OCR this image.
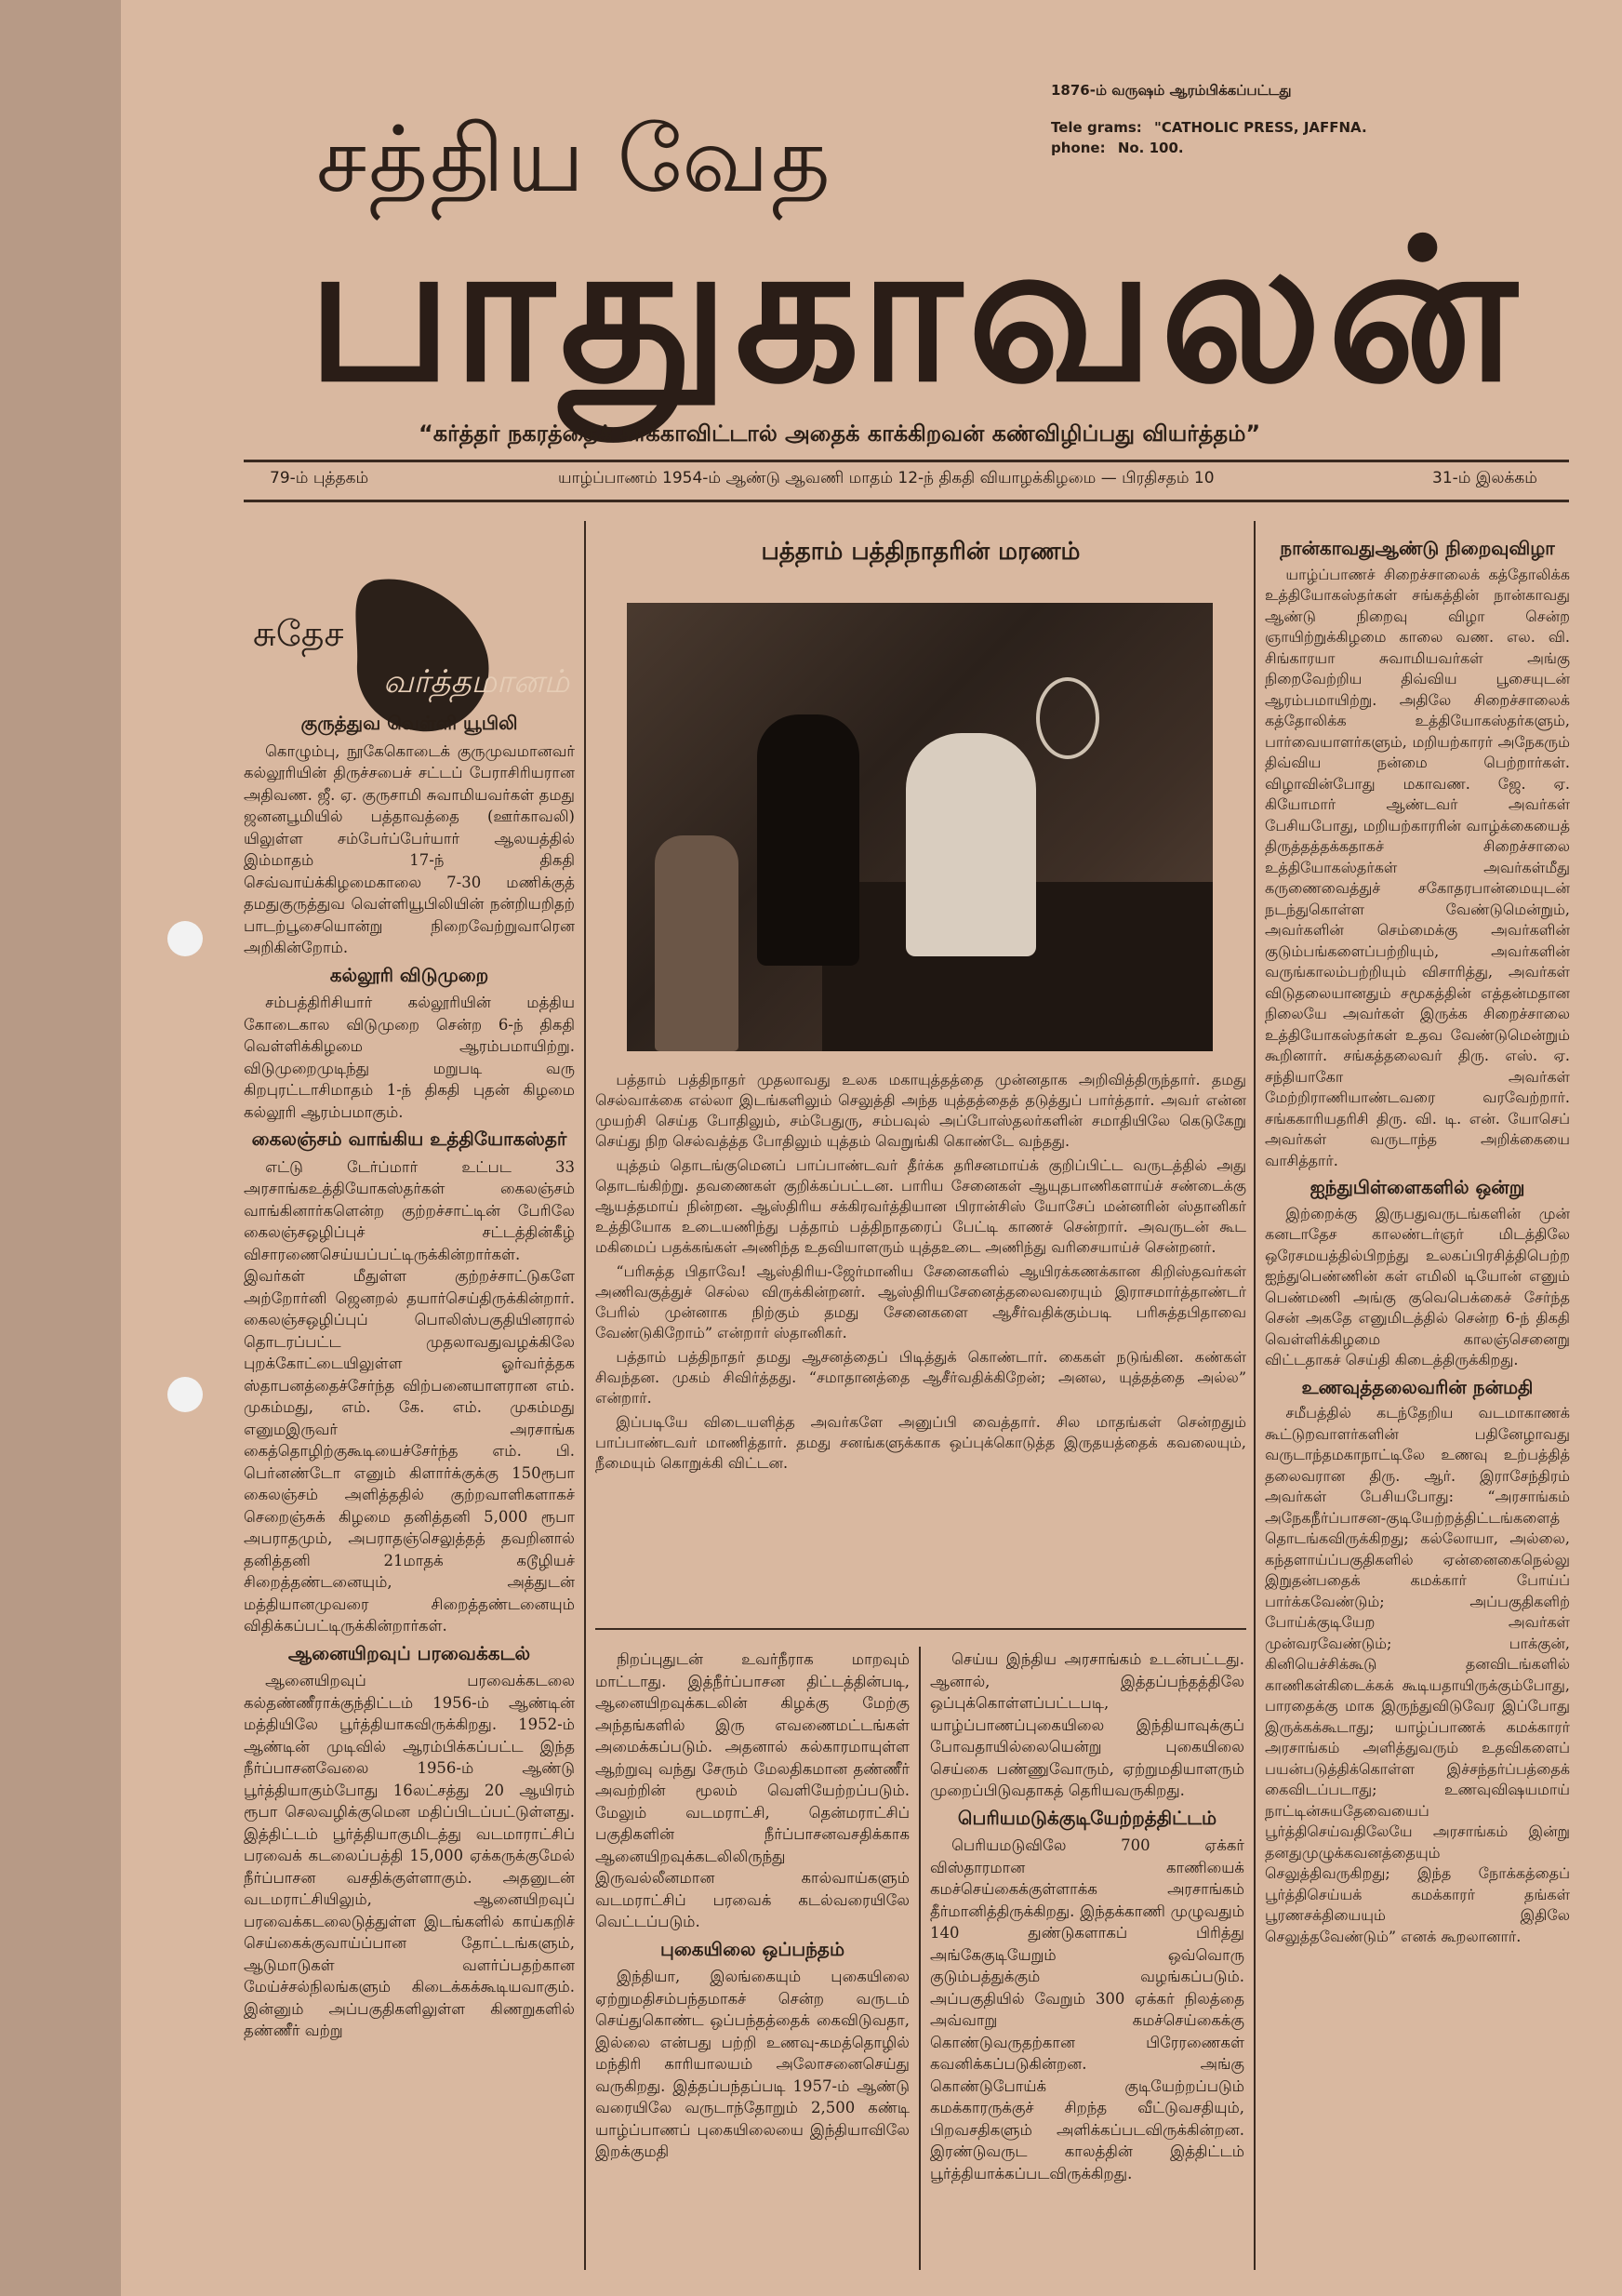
1876-ம் வருஷம் ஆரம்பிக்கப்பட்டது
Tele grams: "CATHOLIC PRESS, JAFFNA.
phone: No. 100.
சத்திய வேத
பாதுகாவலன்
“கர்த்தர் நகரத்தைக் காக்காவிட்டால் அதைக் காக்கிறவன் கண்விழிப்பது வியர்த்தம்”
79-ம் புத்தகம்	யாழ்ப்பாணம் 1954-ம் ஆண்டு ஆவணி மாதம் 12-ந் திகதி வியாழக்கிழமை — பிரதிசதம் 10	31-ம் இலக்கம்
சுதேச
வர்த்தமானம்
குருத்துவ வெள்ளி யூபிலி

கொழும்பு, நூகேகொடைக் குருமுவமானவர் கல்லூரியின் திருச்சபைச் சட்டப் பேராசிரியரான அதிவண. ஜீ. ஏ. குருசாமி சுவாமியவர்கள் தமது ஜனனபூமியில் பத்தாவத்தை (ஊர்காவலி) யிலுள்ள சம்பேர்ப்பேர்யார் ஆலயத்தில் இம்மாதம் 17-ந் திகதி செவ்வாய்க்கிழமைகாலை 7-30 மணிக்குத் தமதுகுருத்துவ வெள்ளியூபிலியின் நன்றியறிதற் பாடற்பூசையொன்று நிறைவேற்றுவாரென அறிகின்றோம்.

கல்லூரி விடுமுறை

சம்பத்திரிசியார் கல்லூரியின் மத்திய கோடைகால விடுமுறை சென்ற 6-ந் திகதி வெள்ளிக்கிழமை ஆரம்பமாயிற்று. விடுமுறைமுடிந்து மறுபடி வரு கிறபுரட்டாசிமாதம் 1-ந் திகதி புதன் கிழமை கல்லூரி ஆரம்பமாகும்.

கைலஞ்சம் வாங்கிய உத்தியோகஸ்தர்

எட்டு டேர்ப்மார் உட்பட 33 அரசாங்கஉத்தியோகஸ்தர்கள் கைலஞ்சம் வாங்கினார்களென்ற குற்றச்சாட்டின் பேரிலே கைலஞ்சஒழிப்புச் சட்டத்தின்கீழ் விசாரணைசெய்யப்பட்டிருக்கின்றார்கள். இவர்கள் மீதுள்ள குற்றச்சாட்டுகளே அற்றோர்னி ஜெனறல் தயார்செய்திருக்கின்றார். கைலஞ்சஒழிப்புப் பொலிஸ்பகுதியினரால் தொடரப்பட்ட முதலாவதுவழக்கிலே புறக்கோட்டையிலுள்ள ஓர்வர்த்தக ஸ்தாபனத்தைச்சேர்ந்த விற்பனையாளரான எம். முகம்மது, எம். கே. எம். முகம்மது எனுமஇருவர் அரசாங்க கைத்தொழிற்குகூடியைச்சேர்ந்த எம். பி. பெர்னண்டோ எனும் கிளார்க்குக்கு 150ரூபா கைலஞ்சம் அளித்ததில் குற்றவாளிகளாகச் செறைஞ்சுக் கிழமை தனித்தனி 5,000 ரூபா அபராதமும், அபராதஞ்செலுத்தத் தவறினால் தனித்தனி 21மாதக் கடூழியச் சிறைத்தண்டனையும், அத்துடன் மத்தியானமுவரை சிறைத்தண்டனையும் விதிக்கப்பட்டிருக்கின்றார்கள்.

ஆனையிறவுப் பரவைக்கடல்

ஆனையிறவுப் பரவைக்கடலை கல்தண்ணீராக்குந்திட்டம் 1956-ம் ஆண்டின் மத்தியிலே பூர்த்தியாகவிருக்கிறது. 1952-ம் ஆண்டின் முடிவில் ஆரம்பிக்கப்பட்ட இந்த நீர்ப்பாசனவேலை 1956-ம் ஆண்டு பூர்த்தியாகும்போது 16லட்சத்து 20 ஆயிரம் ரூபா செலவழிக்குமென மதிப்பிடப்பட்டுள்ளது. இத்திட்டம் பூர்த்தியாகுமிடத்து வடமாராட்சிப் பரவைக் கடலைப்பத்தி 15,000 ஏக்கருக்குமேல் நீர்ப்பாசன வசதிக்குள்ளாகும். அதனுடன் வடமராட்சியிலும், ஆனையிறவுப் பரவைக்கடலைடுத்துள்ள இடங்களில் காய்கறிச் செய்கைக்குவாய்ப்பான தோட்டங்களும், ஆடுமாடுகள் வளர்ப்பதற்கான மேய்ச்சல்நிலங்களும் கிடைக்கக்கூடியவாகும். இன்னும் அப்பகுதிகளிலுள்ள கிணறுகளில் தண்ணீர் வற்று

பத்தாம் பத்திநாதரின் மரணம்

பத்தாம் பத்திநாதர் முதலாவது உலக மகாயுத்தத்தை முன்னதாக அறிவித்திருந்தார். தமது செல்வாக்கை எல்லா இடங்களிலும் செலுத்தி அந்த யுத்தத்தைத் தடுத்துப் பார்த்தார். அவர் என்ன முயற்சி செய்த போதிலும், சம்பேதுரு, சம்பவுல் அப்போஸ்தலர்களின் சமாதியிலே கெடுகேறு செய்து நிற செல்வத்த்த போதிலும் யுத்தம் வெறுங்கி கொண்டே வந்தது.

யுத்தம் தொடங்குமெனப் பாப்பாண்டவர் தீர்க்க தரிசனமாய்க் குறிப்பிட்ட வருடத்தில் அது தொடங்கிற்று. தவணைகள் குறிக்கப்பட்டன. பாரிய சேனைகள் ஆயுதபாணிகளாய்ச் சண்டைக்கு ஆயத்தமாய் நின்றன. ஆஸ்திரிய சக்கிரவர்த்தியான பிரான்சிஸ் யோசேப் மன்னரின் ஸ்தானிகர் உத்தியோக உடையணிந்து பத்தாம் பத்திநாதரைப் பேட்டி காணச் சென்றார். அவருடன் கூட மகிமைப் பதக்கங்கள் அணிந்த உதவியாளரும் யுத்தஉடை அணிந்து வரிசையாய்ச் சென்றனர்.

“பரிசுத்த பிதாவே! ஆஸ்திரிய-ஜேர்மானிய சேனைகளில் ஆயிரக்கணக்கான கிறிஸ்தவர்கள் அணிவகுத்துச் செல்ல விருக்கின்றனர். ஆஸ்திரியசேனைத்தலைவரையும் இராசமார்த்தாண்டர் பேரில் முன்னாக நிற்கும் தமது சேனைகளை ஆசீர்வதிக்கும்படி பரிசுத்தபிதாவை வேண்டுகிறோம்” என்றார் ஸ்தானிகர்.

பத்தாம் பத்திநாதர் தமது ஆசனத்தைப் பிடித்துக் கொண்டார். கைகள் நடுங்கின. கண்கள் சிவந்தன. முகம் சிவிர்த்தது. “சமாதானத்தை ஆசீர்வதிக்கிறேன்; அனல, யுத்தத்தை அல்ல” என்றார்.

இப்படியே விடையளித்த அவர்களே அனுப்பி வைத்தார். சில மாதங்கள் சென்றதும் பாப்பாண்டவர் மாணித்தார். தமது சனங்களுக்காக ஒப்புக்கொடுத்த இருதயத்தைக் கவலையும், நீமையும் கொறுக்கி விட்டன.

நிறப்புதுடன் உவர்நீராக மாறவும் மாட்டாது. இத்நீர்ப்பாசன திட்டத்தின்படி, ஆனையிறவுக்கடலின் கிழக்கு மேற்கு அந்தங்களில் இரு எவணைமட்டங்கள் அமைக்கப்படும். அதனால் கல்காரமாயுள்ள ஆற்றுவு வந்து சேரும் மேலதிகமான தண்ணீர் அவற்றின் மூலம் வெளியேற்றப்படும். மேலும் வடமராட்சி, தென்மராட்சிப் பகுதிகளின் நீர்ப்பாசனவசதிக்காக ஆனையிறவுக்கடலிலிருந்து இருவல்லீனமான கால்வாய்களும் வடமராட்சிப் பரவைக் கடல்வரையிலே வெட்டப்படும்.

புகையிலை ஒப்பந்தம்

இந்தியா, இலங்கையும் புகையிலை ஏற்றுமதிசம்பந்தமாகச் சென்ற வருடம் செய்துகொண்ட ஒப்பந்தத்தைக் கைவிடுவதா, இல்லை என்பது பற்றி உணவு-கமத்தொழில் மந்திரி காரியாலயம் அலோசனைசெய்து வருகிறது. இத்தப்பந்தப்படி 1957-ம் ஆண்டு வரையிலே வருடாந்தோறும் 2,500 கண்டி யாழ்ப்பாணப் புகையிலையை இந்தியாவிலே இறக்குமதி

செய்ய இந்திய அரசாங்கம் உடன்பட்டது. ஆனால், இத்தப்பந்தத்திலே ஒப்புக்கொள்ளப்பட்டபடி, யாழ்ப்பாணப்புகையிலை இந்தியாவுக்குப் போவதாயில்லையென்று புகையிலை செய்கை பண்ணுவோரும், ஏற்றுமதியாளரும் முறைப்பிடுவதாகத் தெரியவருகிறது.

பெரியமடுக்குடியேற்றத்திட்டம்

பெரியமடுவிலே 700 ஏக்கர் விஸ்தாரமான காணியைக் கமச்செய்கைக்குள்ளாக்க அரசாங்கம் தீர்மானித்திருக்கிறது. இந்தக்காணி முழுவதும் 140 துண்டுகளாகப் பிரித்து அங்கேகுடியேறும் ஒவ்வொரு குடும்பத்துக்கும் வழங்கப்படும். அப்பகுதியில் வேறும் 300 ஏக்கர் நிலத்தை அவ்வாறு கமச்செய்கைக்கு கொண்டுவருதற்கான பிரேரணைகள் கவனிக்கப்படுகின்றன. அங்கு கொண்டுபோய்க் குடியேற்றப்படும் கமக்காரருக்குச் சிறந்த வீட்டுவசதியும், பிறவசதிகளும் அளிக்கப்படவிருக்கின்றன. இரண்டுவருட காலத்தின் இத்திட்டம் பூர்த்தியாக்கப்படவிருக்கிறது.

நான்காவதுஆண்டு நிறைவுவிழா

யாழ்ப்பாணச் சிறைச்சாலைக் கத்தோலிக்க உத்தியோகஸ்தர்கள் சங்கத்தின் நான்காவது ஆண்டு நிறைவு விழா சென்ற ஞாயிற்றுக்கிழமை காலை வண. எல. வி. சிங்காரயா சுவாமியவர்கள் அங்கு நிறைவேற்றிய திவ்விய பூசையுடன் ஆரம்பமாயிற்று. அதிலே சிறைச்சாலைக் கத்தோலிக்க உத்தியோகஸ்தர்களும், பார்வையாளர்களும், மறியற்காரர் அநேகரும் திவ்விய நன்மை பெற்றார்கள். விழாவின்போது மகாவண. ஜே. ஏ. கியோமார் ஆண்டவர் அவர்கள் பேசியபோது, மறியற்காரரின் வாழ்க்கையைத் திருத்தத்தக்கதாகச் சிறைச்சாலை உத்தியோகஸ்தர்கள் அவர்கள்மீது கருணைவைத்துச் சகோதரபான்மையுடன் நடந்துகொள்ள வேண்டுமென்றும், அவர்களின் செம்மைக்கு அவர்களின் குடும்பங்களைப்பற்றியும், அவர்களின் வருங்காலம்பற்றியும் விசாரித்து, அவர்கள் விடுதலையானதும் சமூகத்தின் எத்தன்மதான நிலையே அவர்கள் இருக்க சிறைச்சாலை உத்தியோகஸ்தர்கள் உதவ வேண்டுமென்றும் கூறினார். சங்கத்தலைவர் திரு. எஸ். ஏ. சந்தியாகோ அவர்கள் மேற்றிராணியாண்டவரை வரவேற்றார். சங்ககாரியதரிசி திரு. வி. டி. என். யோசெப் அவர்கள் வருடாந்த அறிக்கையை வாசித்தார்.

ஐந்துபிள்ளைகளில் ஒன்று

இற்றைக்கு இருபதுவருடங்களின் முன் கனடாதேச காலண்டர்ஞர் மிடத்திலே ஒரேசமயத்தில்பிறந்து உலகப்பிரசித்திபெற்ற ஐந்துபெண்ணின் கள் எமிலி டியோன் எனும் பெண்மணி அங்கு குவெபெக்கைச் சேர்ந்த சென் அகதே எனுமிடத்தில் சென்ற 6-ந் திகதி வெள்ளிக்கிழமை காலஞ்செனைறு விட்டதாகச் செய்தி கிடைத்திருக்கிறது.

உணவுத்தலைவரின் நன்மதி

சமீபத்தில் கடந்தேறிய வடமாகாணக் கூட்டுறவாளர்களின் பதினேழாவது வருடாந்தமகாநாட்டிலே உணவு உற்பத்தித் தலைவரான திரு. ஆர். இராசேந்திரம் அவர்கள் பேசியபோது: “அரசாங்கம் அநேகநீர்ப்பாசன-குடியேற்றத்திட்டங்களைத் தொடங்கவிருக்கிறது; கல்லோயா, அல்லை, கந்தளாய்ப்பகுதிகளில் ஏன்னைகைநெல்லு இறுதன்பதைக் கமக்கார் போய்ப் பார்க்கவேண்டும்; அப்பகுதிகளிற் போய்க்குடியேற அவர்கள் முன்வரவேண்டும்; பாக்குன், கினியெச்சிக்கூடு தனவிடங்களில் காணிகள்கிடைக்கக் கூடியதாயிருக்கும்போது, பாரதைக்கு மாக இருந்துவிடுவேர இப்போது இருக்கக்கூடாது; யாழ்ப்பாணக் கமக்காரர் அரசாங்கம் அளித்துவரும் உதவிகளைப் பயன்படுத்திக்கொள்ள இச்சந்தர்ப்பத்தைக் கைவிடப்படாது; உணவுவிஷயமாய் நாட்டின்சுயதேவையைப் பூர்த்திசெய்வதிலேயே அரசாங்கம் இன்று தனதுமுழுக்கவனத்தையும் செலுத்திவருகிறது; இந்த நோக்கத்தைப் பூர்த்திசெய்யக் கமக்காரர் தங்கள் பூரணசக்தியையும் இதிலே செலுத்தவேண்டும்” எனக் கூறலானார்.
